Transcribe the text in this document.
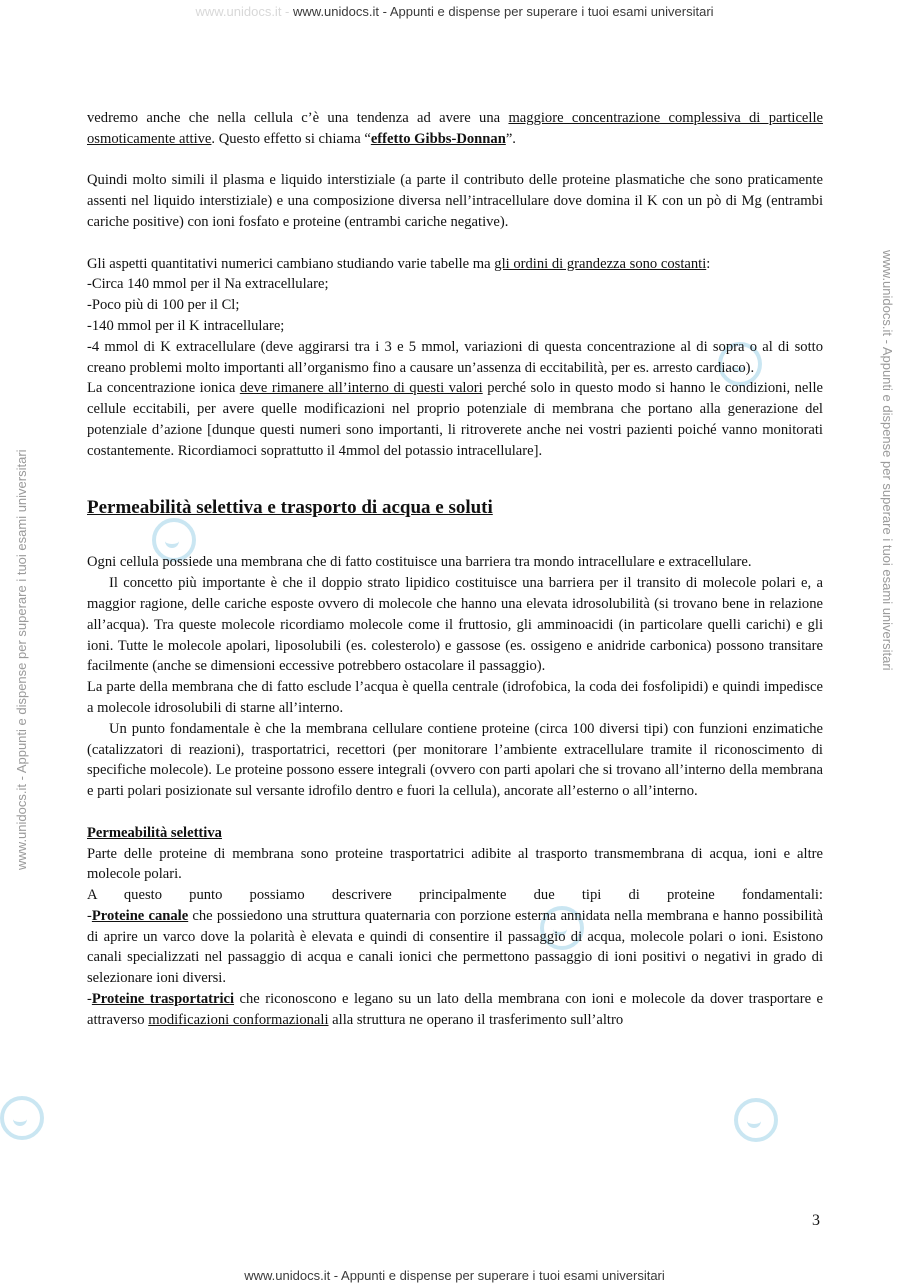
www.unidocs.it - www.unidocs.it - Appunti e dispense per superare i tuoi esami universitari
www.unidocs.it - Appunti e dispense per superare i tuoi esami universitari	www.unidocs.it - Appunti e dispense per superare i tuoi esami universitari

vedremo anche che nella cellula c’è una tendenza ad avere una maggiore concentrazione complessiva di particelle osmoticamente attive. Questo effetto si chiama “effetto Gibbs-Donnan”.

Quindi molto simili il plasma e liquido interstiziale (a parte il contributo delle proteine plasmatiche che sono praticamente assenti nel liquido interstiziale) e una composizione diversa nell’intracellulare dove domina il K con un pò di Mg (entrambi cariche positive) con ioni fosfato e proteine (entrambi cariche negative).

Gli aspetti quantitativi numerici cambiano studiando varie tabelle ma gli ordini di grandezza sono costanti:

-Circa 140 mmol per il Na extracellulare;

-Poco più di 100 per il Cl;

-140 mmol per il K intracellulare;

-4 mmol di K extracellulare (deve aggirarsi tra i 3 e 5 mmol, variazioni di questa concentrazione al di sopra o al di sotto creano problemi molto importanti all’organismo fino a causare un’assenza di eccitabilità, per es. arresto cardiaco).

La concentrazione ionica deve rimanere all’interno di questi valori perché solo in questo modo si hanno le condizioni, nelle cellule eccitabili, per avere quelle modificazioni nel proprio potenziale di membrana che portano alla generazione del potenziale d’azione [dunque questi numeri sono importanti, li ritroverete anche nei vostri pazienti poiché vanno monitorati costantemente. Ricordiamoci soprattutto il 4mmol del potassio intracellulare].

Permeabilità selettiva e trasporto di acqua e soluti

Ogni cellula possiede una membrana che di fatto costituisce una barriera tra mondo intracellulare e extracellulare.

Il concetto più importante è che il doppio strato lipidico costituisce una barriera per il transito di molecole polari e, a maggior ragione, delle cariche esposte ovvero di molecole che hanno una elevata idrosolubilità (si trovano bene in relazione all’acqua). Tra queste molecole ricordiamo molecole come il fruttosio, gli amminoacidi (in particolare quelli carichi) e gli ioni. Tutte le molecole apolari, liposolubili (es. colesterolo) e gassose (es. ossigeno e anidride carbonica) possono transitare facilmente (anche se dimensioni eccessive potrebbero ostacolare il passaggio).

La parte della membrana che di fatto esclude l’acqua è quella centrale (idrofobica, la coda dei fosfolipidi) e quindi impedisce a molecole idrosolubili di starne all’interno.

Un punto fondamentale è che la membrana cellulare contiene proteine (circa 100 diversi tipi) con funzioni enzimatiche (catalizzatori di reazioni), trasportatrici, recettori (per monitorare l’ambiente extracellulare tramite il riconoscimento di specifiche molecole). Le proteine possono essere integrali (ovvero con parti apolari che si trovano all’interno della membrana e parti polari posizionate sul versante idrofilo dentro e fuori la cellula), ancorate all’esterno o all’interno.

Permeabilità selettiva

Parte delle proteine di membrana sono proteine trasportatrici adibite al trasporto transmembrana di acqua, ioni e altre molecole polari.

A questo punto possiamo descrivere principalmente due tipi di proteine fondamentali:

-Proteine canale che possiedono una struttura quaternaria con porzione esterna annidata nella membrana e hanno possibilità di aprire un varco dove la polarità è elevata e quindi di consentire il passaggio di acqua, molecole polari o ioni. Esistono canali specializzati nel passaggio di acqua e canali ionici che permettono passaggio di ioni positivi o negativi in grado di selezionare ioni diversi.

-Proteine trasportatrici che riconoscono e legano su un lato della membrana con ioni e molecole da dover trasportare e attraverso modificazioni conformazionali alla struttura ne operano il trasferimento sull’altro

3
www.unidocs.it - Appunti e dispense per superare i tuoi esami universitari
